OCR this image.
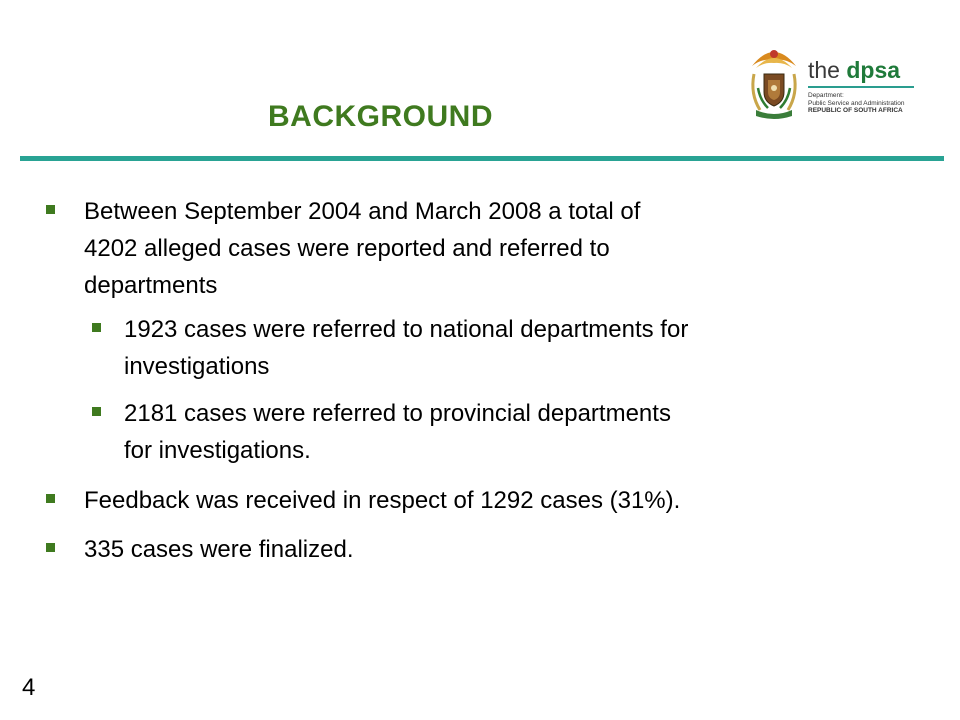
the dpsa
Department:
Public Service and Administration
REPUBLIC OF SOUTH AFRICA
BACKGROUND
Between September 2004 and March 2008 a total of
4202 alleged cases were reported and referred to
departments
1923 cases were referred to national departments for
investigations
2181 cases were referred to provincial departments
for investigations.
Feedback was received in respect of 1292 cases (31%).
335 cases were finalized.
4
